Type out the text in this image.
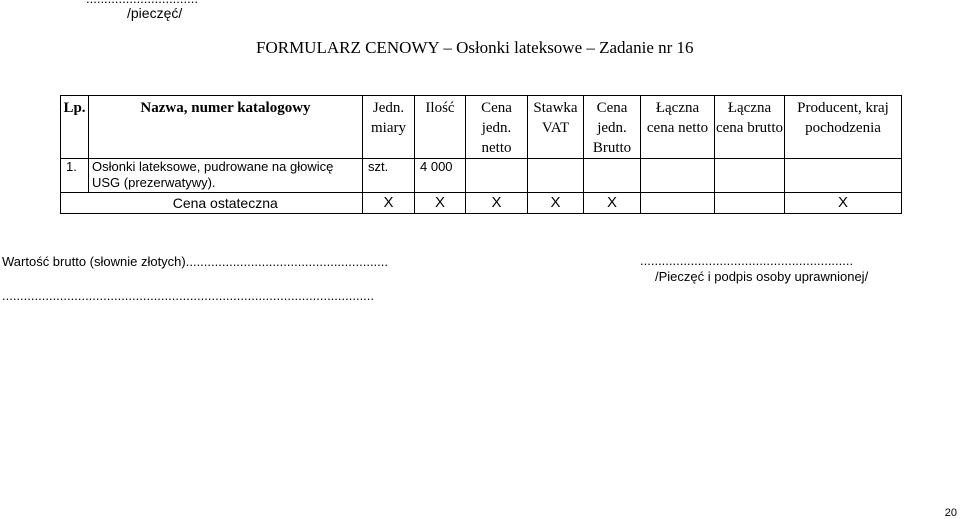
/pieczęć/
FORMULARZ CENOWY – Osłonki lateksowe – Zadanie nr 16
Lp.	Nazwa, numer katalogowy	Jedn. miary	Ilość	Cena jedn. netto	Stawka VAT	Cena jedn. Brutto	Łączna cena netto	Łączna cena brutto	Producent, kraj pochodzenia
1.	Osłonki lateksowe, pudrowane na głowicę USG (prezerwatywy).	szt.	4 000						
	Cena ostateczna	X	X	X	X	X			X
Wartość brutto (słownie złotych)........................................................
.......................................................................................................
...........................................................
/Pieczęć i podpis osoby uprawnionej/
20
